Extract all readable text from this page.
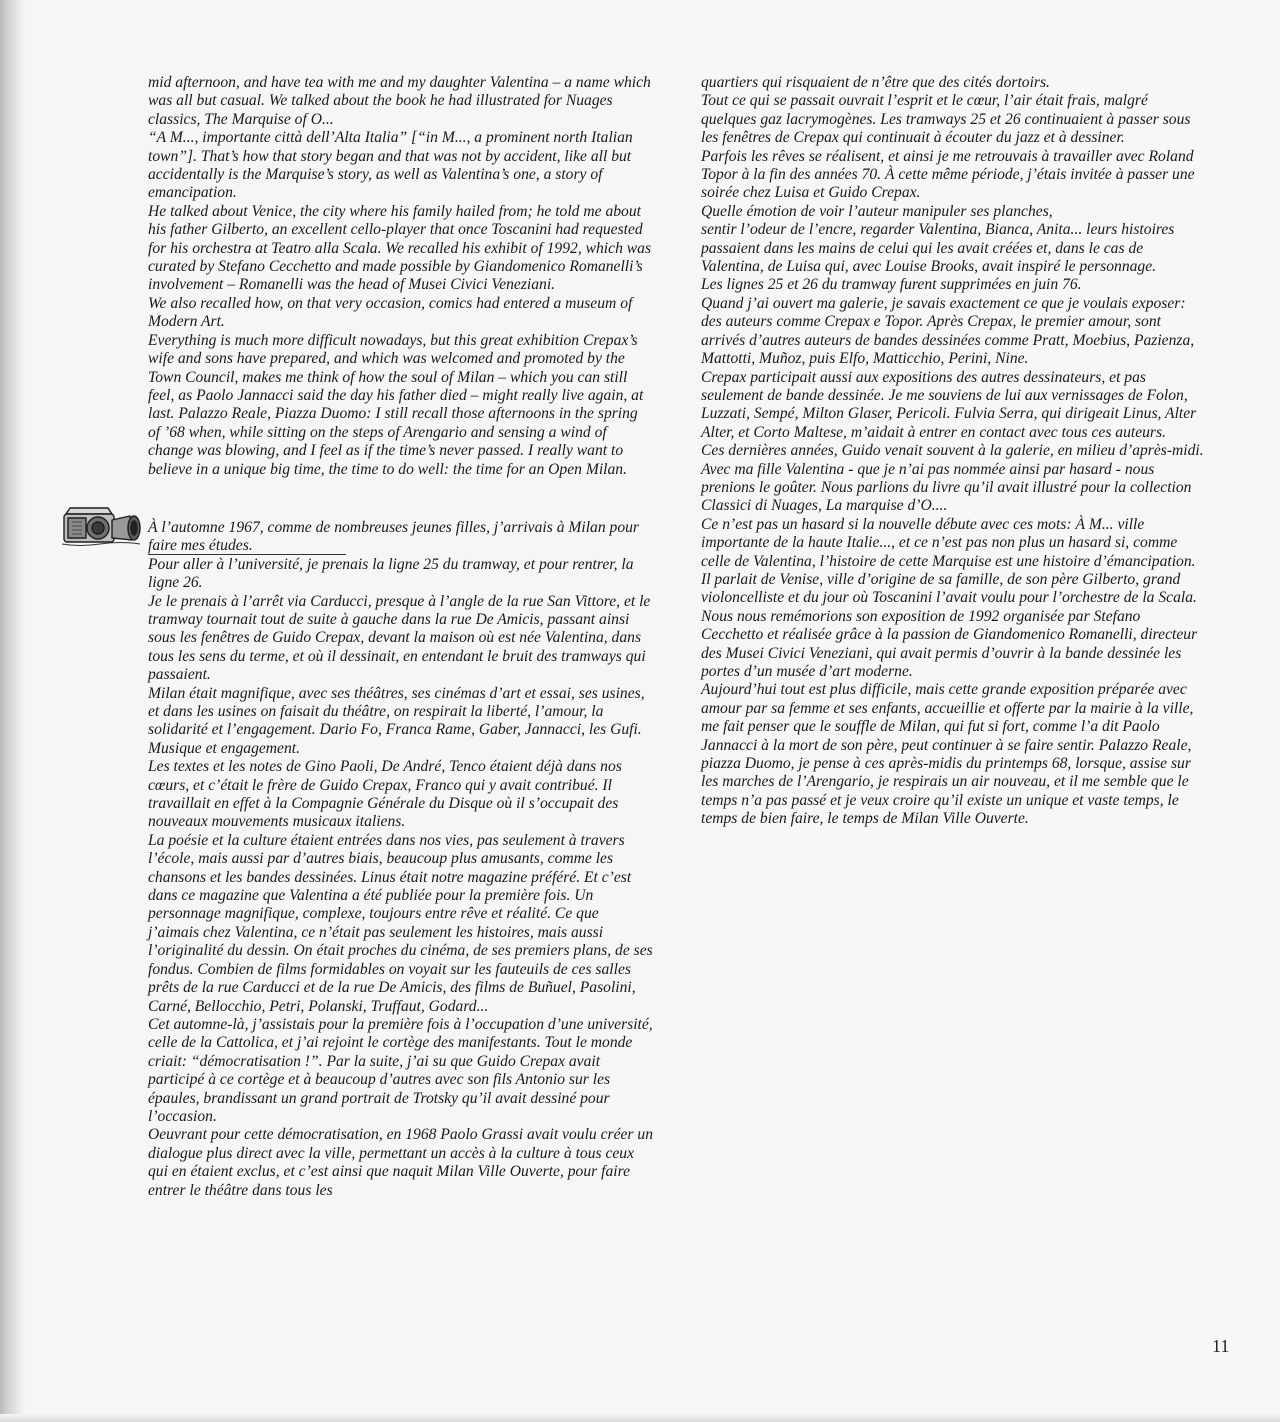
mid afternoon, and have tea with me and my daughter Valentina – a name which was all but casual. We talked about the book he had illustrated for Nuages classics, The Marquise of O...

“A M..., importante città dell’Alta Italia” [“in M..., a prominent north Italian town”]. That’s how that story began and that was not by accident, like all but accidentally is the Marquise’s story, as well as Valentina’s one, a story of emancipation.

He talked about Venice, the city where his family hailed from; he told me about his father Gilberto, an excellent cello-player that once Toscanini had requested for his orchestra at Teatro alla Scala. We recalled his exhibit of 1992, which was curated by Stefano Cecchetto and made possible by Giandomenico Romanelli’s involvement – Romanelli was the head of Musei Civici Veneziani.

We also recalled how, on that very occasion, comics had entered a museum of Modern Art.

Everything is much more difficult nowadays, but this great exhibition Crepax’s wife and sons have prepared, and which was welcomed and promoted by the Town Council, makes me think of how the soul of Milan – which you can still feel, as Paolo Jannacci said the day his father died – might really live again, at last. Palazzo Reale, Piazza Duomo: I still recall those afternoons in the spring of ’68 when, while sitting on the steps of Arengario and sensing a wind of change was blowing, and I feel as if the time’s never passed. I really want to believe in a unique big time, the time to do well: the time for an Open Milan.

À l’automne 1967, comme de nombreuses jeunes filles, j’arrivais à Milan pour faire mes études.

Pour aller à l’université, je prenais la ligne 25 du tramway, et pour rentrer, la ligne 26.

Je le prenais à l’arrêt via Carducci, presque à l’angle de la rue San Vittore, et le tramway tournait tout de suite à gauche dans la rue De Amicis, passant ainsi sous les fenêtres de Guido Crepax, devant la maison où est née Valentina, dans tous les sens du terme, et où il dessinait, en entendant le bruit des tramways qui passaient.

Milan était magnifique, avec ses théâtres, ses cinémas d’art et essai, ses usines, et dans les usines on faisait du théâtre, on respirait la liberté, l’amour, la solidarité et l’engagement. Dario Fo, Franca Rame, Gaber, Jannacci, les Gufi. Musique et engagement.

Les textes et les notes de Gino Paoli, De André, Tenco étaient déjà dans nos cœurs, et c’était le frère de Guido Crepax, Franco qui y avait contribué. Il travaillait en effet à la Compagnie Générale du Disque où il s’occupait des nouveaux mouvements musicaux italiens.

La poésie et la culture étaient entrées dans nos vies, pas seulement à travers l’école, mais aussi par d’autres biais, beaucoup plus amusants, comme les chansons et les bandes dessinées. Linus était notre magazine préféré. Et c’est dans ce magazine que Valentina a été publiée pour la première fois. Un personnage magnifique, complexe, toujours entre rêve et réalité. Ce que j’aimais chez Valentina, ce n’était pas seulement les histoires, mais aussi l’originalité du dessin. On était proches du cinéma, de ses premiers plans, de ses fondus. Combien de films formidables on voyait sur les fauteuils de ces salles prêts de la rue Carducci et de la rue De Amicis, des films de Buñuel, Pasolini, Carné, Bellocchio, Petri, Polanski, Truffaut, Godard...

Cet automne-là, j’assistais pour la première fois à l’occupation d’une université, celle de la Cattolica, et j’ai rejoint le cortège des manifestants. Tout le monde criait: “démocratisation !”. Par la suite, j’ai su que Guido Crepax avait participé à ce cortège et à beaucoup d’autres avec son fils Antonio sur les épaules, brandissant un grand portrait de Trotsky qu’il avait dessiné pour l’occasion.

Oeuvrant pour cette démocratisation, en 1968 Paolo Grassi avait voulu créer un dialogue plus direct avec la ville, permettant un accès à la culture à tous ceux qui en étaient exclus, et c’est ainsi que naquit Milan Ville Ouverte, pour faire entrer le théâtre dans tous les

quartiers qui risquaient de n’être que des cités dortoirs.

Tout ce qui se passait ouvrait l’esprit et le cœur, l’air était frais, malgré quelques gaz lacrymogènes. Les tramways 25 et 26 continuaient à passer sous les fenêtres de Crepax qui continuait à écouter du jazz et à dessiner.

Parfois les rêves se réalisent, et ainsi je me retrouvais à travailler avec Roland Topor à la fin des années 70. À cette même période, j’étais invitée à passer une soirée chez Luisa et Guido Crepax.

Quelle émotion de voir l’auteur manipuler ses planches,

sentir l’odeur de l’encre, regarder Valentina, Bianca, Anita... leurs histoires passaient dans les mains de celui qui les avait créées et, dans le cas de Valentina, de Luisa qui, avec Louise Brooks, avait inspiré le personnage.

Les lignes 25 et 26 du tramway furent supprimées en juin 76.

Quand j’ai ouvert ma galerie, je savais exactement ce que je voulais exposer: des auteurs comme Crepax e Topor. Après Crepax, le premier amour, sont arrivés d’autres auteurs de bandes dessinées comme Pratt, Moebius, Pazienza, Mattotti, Muñoz, puis Elfo, Matticchio, Perini, Nine.

Crepax participait aussi aux expositions des autres dessinateurs, et pas seulement de bande dessinée. Je me souviens de lui aux vernissages de Folon, Luzzati, Sempé, Milton Glaser, Pericoli. Fulvia Serra, qui dirigeait Linus, Alter Alter, et Corto Maltese, m’aidait à entrer en contact avec tous ces auteurs.

Ces dernières années, Guido venait souvent à la galerie, en milieu d’après-midi. Avec ma fille Valentina - que je n’ai pas nommée ainsi par hasard - nous prenions le goûter. Nous parlions du livre qu’il avait illustré pour la collection Classici di Nuages, La marquise d’O....

Ce n’est pas un hasard si la nouvelle débute avec ces mots: À M... ville importante de la haute Italie..., et ce n’est pas non plus un hasard si, comme celle de Valentina, l’histoire de cette Marquise est une histoire d’émancipation.

Il parlait de Venise, ville d’origine de sa famille, de son père Gilberto, grand violoncelliste et du jour où Toscanini l’avait voulu pour l’orchestre de la Scala. Nous nous remémorions son exposition de 1992 organisée par Stefano Cecchetto et réalisée grâce à la passion de Giandomenico Romanelli, directeur des Musei Civici Veneziani, qui avait permis d’ouvrir à la bande dessinée les portes d’un musée d’art moderne.

Aujourd’hui tout est plus difficile, mais cette grande exposition préparée avec amour par sa femme et ses enfants, accueillie et offerte par la mairie à la ville, me fait penser que le souffle de Milan, qui fut si fort, comme l’a dit Paolo Jannacci à la mort de son père, peut continuer à se faire sentir. Palazzo Reale, piazza Duomo, je pense à ces après-midis du printemps 68, lorsque, assise sur les marches de l’Arengario, je respirais un air nouveau, et il me semble que le temps n’a pas passé et je veux croire qu’il existe un unique et vaste temps, le temps de bien faire, le temps de Milan Ville Ouverte.

11
